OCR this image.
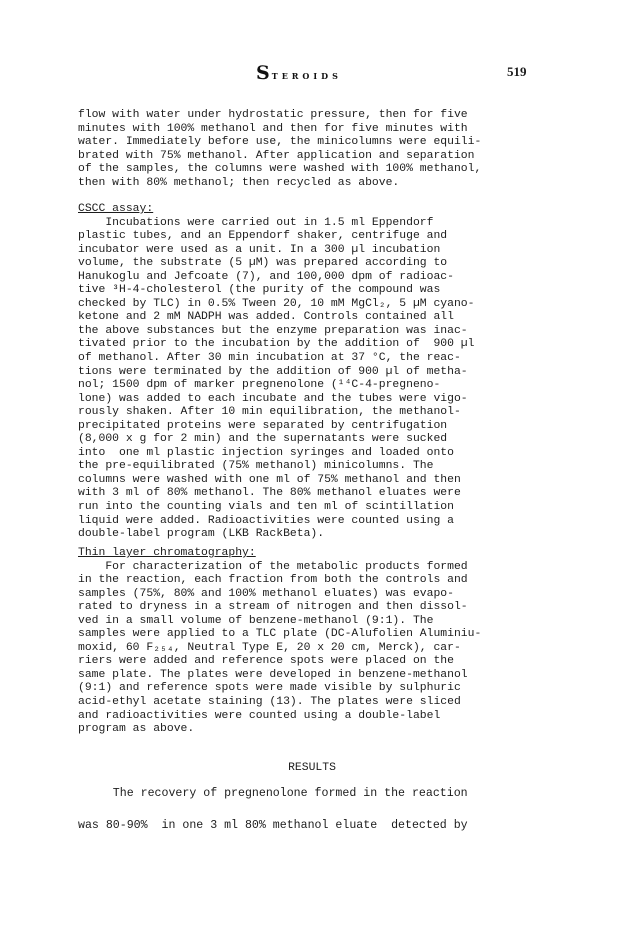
Steroids	519
flow with water under hydrostatic pressure, then for five
minutes with 100% methanol and then for five minutes with
water. Immediately before use, the minicolumns were equili-
brated with 75% methanol. After application and separation
of the samples, the columns were washed with 100% methanol,
then with 80% methanol; then recycled as above.
CSCC assay:
Incubations were carried out in 1.5 ml Eppendorf
plastic tubes, and an Eppendorf shaker, centrifuge and
incubator were used as a unit. In a 300 µl incubation
volume, the substrate (5 µM) was prepared according to
Hanukoglu and Jefcoate (7), and 100,000 dpm of radioac-
tive ³H-4-cholesterol (the purity of the compound was
checked by TLC) in 0.5% Tween 20, 10 mM MgCl₂, 5 µM cyano-
ketone and 2 mM NADPH was added. Controls contained all
the above substances but the enzyme preparation was inac-
tivated prior to the incubation by the addition of  900 µl
of methanol. After 30 min incubation at 37 °C, the reac-
tions were terminated by the addition of 900 µl of metha-
nol; 1500 dpm of marker pregnenolone (¹⁴C-4-pregneno-
lone) was added to each incubate and the tubes were vigo-
rously shaken. After 10 min equilibration, the methanol-
precipitated proteins were separated by centrifugation
(8,000 x g for 2 min) and the supernatants were sucked
into  one ml plastic injection syringes and loaded onto
the pre-equilibrated (75% methanol) minicolumns. The
columns were washed with one ml of 75% methanol and then
with 3 ml of 80% methanol. The 80% methanol eluates were
run into the counting vials and ten ml of scintillation
liquid were added. Radioactivities were counted using a
double-label program (LKB RackBeta).
Thin layer chromatography:
For characterization of the metabolic products formed
in the reaction, each fraction from both the controls and
samples (75%, 80% and 100% methanol eluates) was evapo-
rated to dryness in a stream of nitrogen and then dissol-
ved in a small volume of benzene-methanol (9:1). The
samples were applied to a TLC plate (DC-Alufolien Aluminiu-
moxid, 60 F₂₅₄, Neutral Type E, 20 x 20 cm, Merck), car-
riers were added and reference spots were placed on the
same plate. The plates were developed in benzene-methanol
(9:1) and reference spots were made visible by sulphuric
acid-ethyl acetate staining (13). The plates were sliced
and radioactivities were counted using a double-label
program as above.
RESULTS
The recovery of pregnenolone formed in the reaction
was 80-90%  in one 3 ml 80% methanol eluate  detected by
